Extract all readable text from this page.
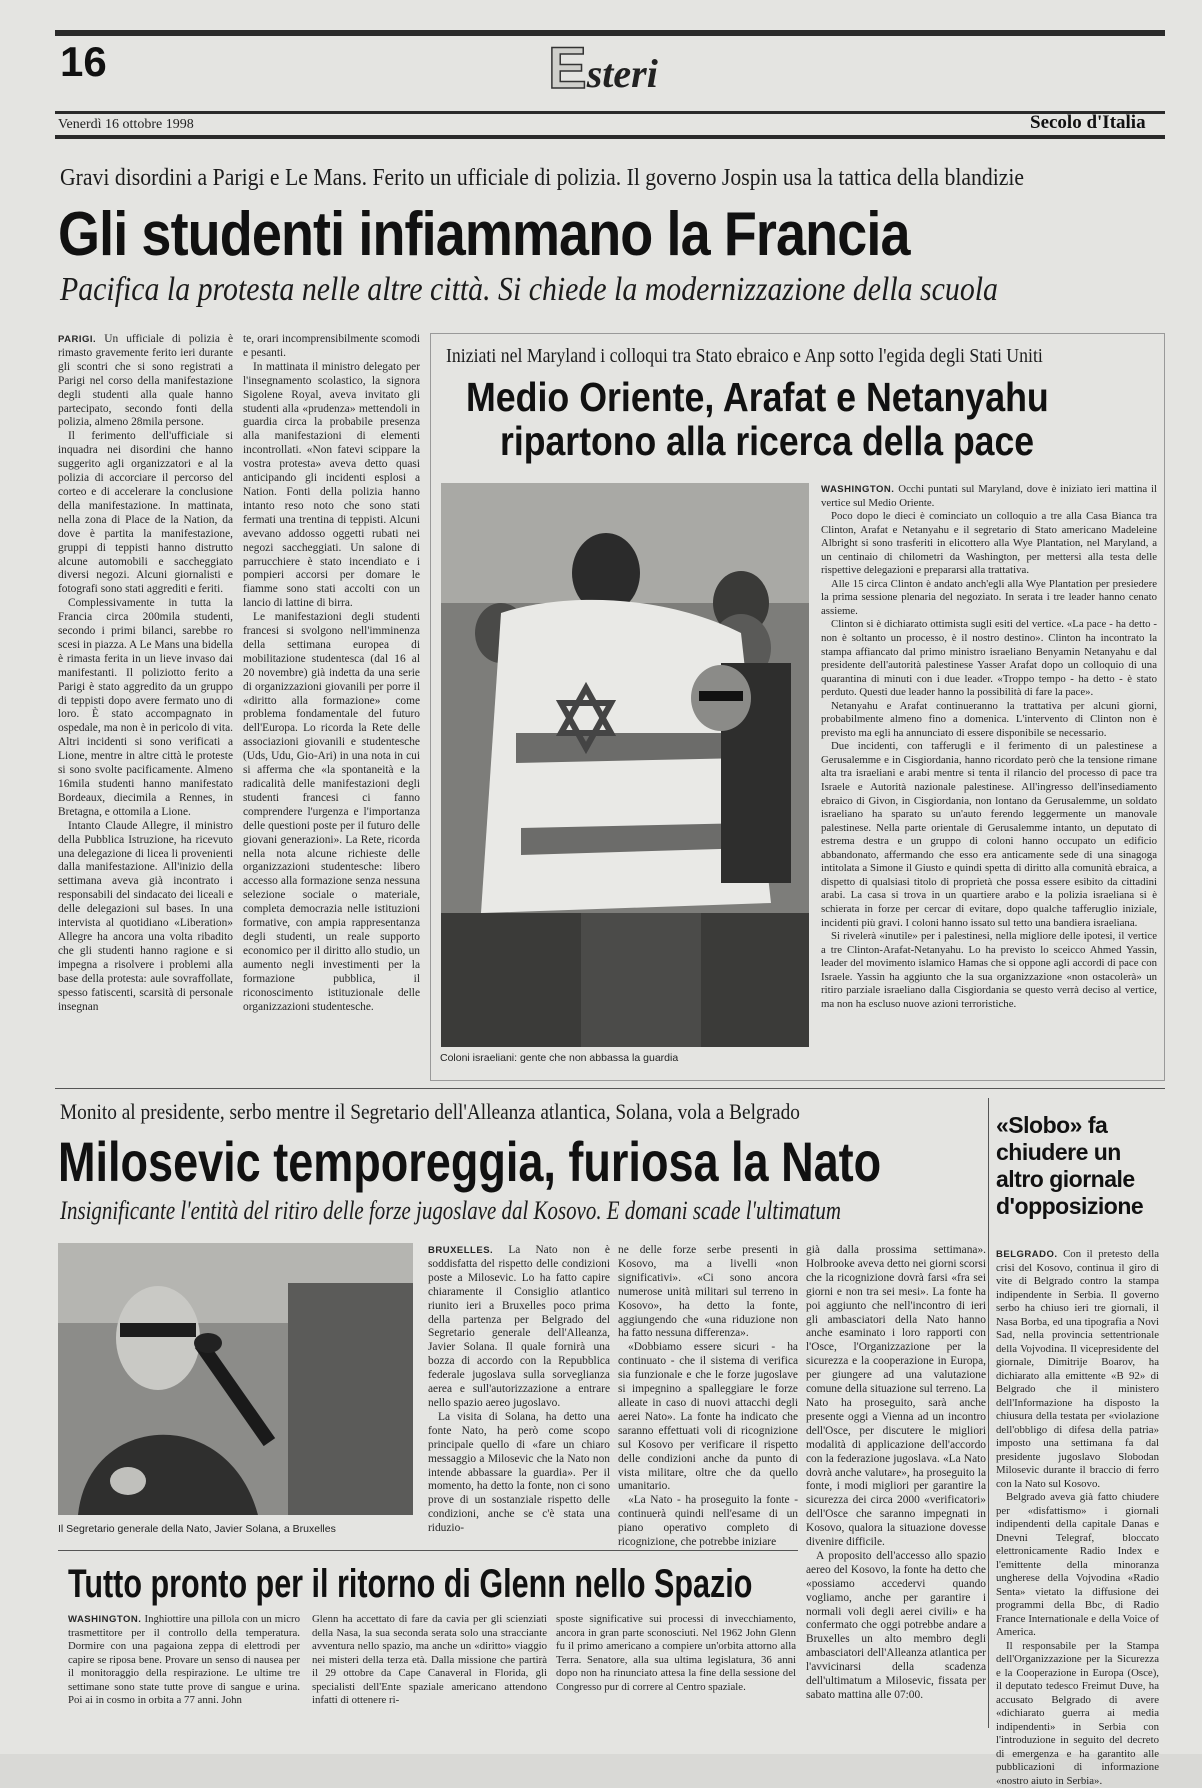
16	Esteri
Venerdì 16 ottobre 1998	Secolo d'Italia
Gravi disordini a Parigi e Le Mans. Ferito un ufficiale di polizia. Il governo Jospin usa la tattica della blandizie
Gli studenti infiammano la Francia
Pacifica la protesta nelle altre città. Si chiede la modernizzazione della scuola

PARIGI. Un ufficiale di polizia è rimasto gravemente ferito ieri durante gli scontri che si sono registrati a Parigi nel corso della manifestazione degli studenti alla quale hanno partecipato, secondo fonti della polizia, almeno 28mila persone.

Il ferimento dell'ufficiale si inquadra nei disordini che hanno suggerito agli organizzatori e al la polizia di accorciare il percorso del corteo e di accelerare la conclusione della manifestazione. In mattinata, nella zona di Place de la Nation, da dove è partita la manifestazione, gruppi di teppisti hanno distrutto alcune automobili e saccheggiato diversi negozi. Alcuni giornalisti e fotografi sono stati aggrediti e feriti.

Complessivamente in tutta la Francia circa 200mila studenti, secondo i primi bilanci, sarebbe ro scesi in piazza. A Le Mans una bidella è rimasta ferita in un lieve invaso dai manifestanti. Il poliziotto ferito a Parigi è stato aggredito da un gruppo di teppisti dopo avere fermato uno di loro. È stato accompagnato in ospedale, ma non è in pericolo di vita. Altri incidenti si sono verificati a Lione, mentre in altre città le proteste si sono svolte pacificamente. Almeno 16mila studenti hanno manifestato Bordeaux, diecimila a Rennes, in Bretagna, e ottomila a Lione.

Intanto Claude Allegre, il ministro della Pubblica Istruzione, ha ricevuto una delegazione di licea li provenienti dalla manifestazione. All'inizio della settimana aveva già incontrato i responsabili del sindacato dei liceali e delle delegazioni sul bases. In una intervista al quotidiano «Liberation» Allegre ha ancora una volta ribadito che gli studenti hanno ragione e si impegna a risolvere i problemi alla base della protesta: aule sovraffollate, spesso fatiscenti, scarsità di personale insegnan

te, orari incomprensibilmente scomodi e pesanti.

In mattinata il ministro delegato per l'insegnamento scolastico, la signora Sigolene Royal, aveva invitato gli studenti alla «prudenza» mettendoli in guardia circa la probabile presenza alla manifestazioni di elementi incontrollati. «Non fatevi scippare la vostra protesta» aveva detto quasi anticipando gli incidenti esplosi a Nation. Fonti della polizia hanno intanto reso noto che sono stati fermati una trentina di teppisti. Alcuni avevano addosso oggetti rubati nei negozi saccheggiati. Un salone di parrucchiere è stato incendiato e i pompieri accorsi per domare le fiamme sono stati accolti con un lancio di lattine di birra.

Le manifestazioni degli studenti francesi si svolgono nell'imminenza della settimana europea di mobilitazione studentesca (dal 16 al 20 novembre) già indetta da una serie di organizzazioni giovanili per porre il «diritto alla formazione» come problema fondamentale del futuro dell'Europa. Lo ricorda la Rete delle associazioni giovanili e studentesche (Uds, Udu, Gio-Ari) in una nota in cui si afferma che «la spontaneità e la radicalità delle manifestazioni degli studenti francesi ci fanno comprendere l'urgenza e l'importanza delle questioni poste per il futuro delle giovani generazioni». La Rete, ricorda nella nota alcune richieste delle organizzazioni studentesche: libero accesso alla formazione senza nessuna selezione sociale o materiale, completa democrazia nelle istituzioni formative, con ampia rappresentanza degli studenti, un reale supporto economico per il diritto allo studio, un aumento negli investimenti per la formazione pubblica, il riconoscimento istituzionale delle organizzazioni studentesche.

Iniziati nel Maryland i colloqui tra Stato ebraico e Anp sotto l'egida degli Stati Uniti
Medio Oriente, Arafat e Netanyahu
ripartono alla ricerca della pace
Coloni israeliani: gente che non abbassa la guardia

WASHINGTON. Occhi puntati sul Maryland, dove è iniziato ieri mattina il vertice sul Medio Oriente.

Poco dopo le dieci è cominciato un colloquio a tre alla Casa Bianca tra Clinton, Arafat e Netanyahu e il segretario di Stato americano Madeleine Albright si sono trasferiti in elicottero alla Wye Plantation, nel Maryland, a un centinaio di chilometri da Washington, per mettersi alla testa delle rispettive delegazioni e prepararsi alla trattativa.

Alle 15 circa Clinton è andato anch'egli alla Wye Plantation per presiedere la prima sessione plenaria del negoziato. In serata i tre leader hanno cenato assieme.

Clinton si è dichiarato ottimista sugli esiti del vertice. «La pace - ha detto - non è soltanto un processo, è il nostro destino». Clinton ha incontrato la stampa affiancato dal primo ministro israeliano Benyamin Netanyahu e dal presidente dell'autorità palestinese Yasser Arafat dopo un colloquio di una quarantina di minuti con i due leader. «Troppo tempo - ha detto - è stato perduto. Questi due leader hanno la possibilità di fare la pace».

Netanyahu e Arafat continueranno la trattativa per alcuni giorni, probabilmente almeno fino a domenica. L'intervento di Clinton non è previsto ma egli ha annunciato di essere disponibile se necessario.

Due incidenti, con tafferugli e il ferimento di un palestinese a Gerusalemme e in Cisgiordania, hanno ricordato però che la tensione rimane alta tra israeliani e arabi mentre si tenta il rilancio del processo di pace tra Israele e Autorità nazionale palestinese. All'ingresso dell'insediamento ebraico di Givon, in Cisgiordania, non lontano da Gerusalemme, un soldato israeliano ha sparato su un'auto ferendo leggermente un manovale palestinese. Nella parte orientale di Gerusalemme intanto, un deputato di estrema destra e un gruppo di coloni hanno occupato un edificio abbandonato, affermando che esso era anticamente sede di una sinagoga intitolata a Simone il Giusto e quindi spetta di diritto alla comunità ebraica, a dispetto di qualsiasi titolo di proprietà che possa essere esibito da cittadini arabi. La casa si trova in un quartiere arabo e la polizia israeliana si è schierata in forze per cercar di evitare, dopo qualche tafferuglio iniziale, incidenti più gravi. I coloni hanno issato sul tetto una bandiera israeliana.

Si rivelerà «inutile» per i palestinesi, nella migliore delle ipotesi, il vertice a tre Clinton-Arafat-Netanyahu. Lo ha previsto lo sceicco Ahmed Yassin, leader del movimento islamico Hamas che si oppone agli accordi di pace con Israele. Yassin ha aggiunto che la sua organizzazione «non ostacolerà» un ritiro parziale israeliano dalla Cisgiordania se questo verrà deciso al vertice, ma non ha escluso nuove azioni terroristiche.

Monito al presidente, serbo mentre il Segretario dell'Alleanza atlantica, Solana, vola a Belgrado
Milosevic temporeggia, furiosa la Nato
Insignificante l'entità del ritiro delle forze jugoslave dal Kosovo. E domani scade l'ultimatum
Il Segretario generale della Nato, Javier Solana, a Bruxelles

BRUXELLES. La Nato non è soddisfatta del rispetto delle condizioni poste a Milosevic. Lo ha fatto capire chiaramente il Consiglio atlantico riunito ieri a Bruxelles poco prima della partenza per Belgrado del Segretario generale dell'Alleanza, Javier Solana. Il quale fornirà una bozza di accordo con la Repubblica federale jugoslava sulla sorveglianza aerea e sull'autorizzazione a entrare nello spazio aereo jugoslavo.

La visita di Solana, ha detto una fonte Nato, ha però come scopo principale quello di «fare un chiaro messaggio a Milosevic che la Nato non intende abbassare la guardia». Per il momento, ha detto la fonte, non ci sono prove di un sostanziale rispetto delle condizioni, anche se c'è stata una riduzio-

ne delle forze serbe presenti in Kosovo, ma a livelli «non significativi». «Ci sono ancora numerose unità militari sul terreno in Kosovo», ha detto la fonte, aggiungendo che «una riduzione non ha fatto nessuna differenza».

«Dobbiamo essere sicuri - ha continuato - che il sistema di verifica sia funzionale e che le forze jugoslave si impegnino a spalleggiare le forze alleate in caso di nuovi attacchi degli aerei Nato». La fonte ha indicato che saranno effettuati voli di ricognizione sul Kosovo per verificare il rispetto delle condizioni anche da punto di vista militare, oltre che da quello umanitario.

«La Nato - ha proseguito la fonte - continuerà quindi nell'esame di un piano operativo completo di ricognizione, che potrebbe iniziare

già dalla prossima settimana». Holbrooke aveva detto nei giorni scorsi che la ricognizione dovrà farsi «fra sei giorni e non tra sei mesi». La fonte ha poi aggiunto che nell'incontro di ieri gli ambasciatori della Nato hanno anche esaminato i loro rapporti con l'Osce, l'Organizzazione per la sicurezza e la cooperazione in Europa, per giungere ad una valutazione comune della situazione sul terreno. La Nato ha proseguito, sarà anche presente oggi a Vienna ad un incontro dell'Osce, per discutere le migliori modalità di applicazione dell'accordo con la federazione jugoslava. «La Nato dovrà anche valutare», ha proseguito la fonte, i modi migliori per garantire la sicurezza dei circa 2000 «verificatori» dell'Osce che saranno impegnati in Kosovo, qualora la situazione dovesse divenire difficile.

A proposito dell'accesso allo spazio aereo del Kosovo, la fonte ha detto che «possiamo accedervi quando vogliamo, anche per garantire i normali voli degli aerei civili» e ha confermato che oggi potrebbe andare a Bruxelles un alto membro degli ambasciatori dell'Alleanza atlantica per l'avvicinarsi della scadenza dell'ultimatum a Milosevic, fissata per sabato mattina alle 07:00.

«Slobo» fa chiudere un altro giornale d'opposizione

BELGRADO. Con il pretesto della crisi del Kosovo, continua il giro di vite di Belgrado contro la stampa indipendente in Serbia. Il governo serbo ha chiuso ieri tre giornali, il Nasa Borba, ed una tipografia a Novi Sad, nella provincia settentrionale della Vojvodina. Il vicepresidente del giornale, Dimitrije Boarov, ha dichiarato alla emittente «B 92» di Belgrado che il ministero dell'Informazione ha disposto la chiusura della testata per «violazione dell'obbligo di difesa della patria» imposto una settimana fa dal presidente jugoslavo Slobodan Milosevic durante il braccio di ferro con la Nato sul Kosovo.

Belgrado aveva già fatto chiudere per «disfattismo» i giornali indipendenti della capitale Danas e Dnevni Telegraf, bloccato elettronicamente Radio Index e l'emittente della minoranza ungherese della Vojvodina «Radio Senta» vietato la diffusione dei programmi della Bbc, di Radio France Internationale e della Voice of America.

Il responsabile per la Stampa dell'Organizzazione per la Sicurezza e la Cooperazione in Europa (Osce), il deputato tedesco Freimut Duve, ha accusato Belgrado di avere «dichiarato guerra ai media indipendenti» in Serbia con l'introduzione in seguito del decreto di emergenza e ha garantito alle pubblicazioni di informazione «nostro aiuto in Serbia».

Tutto pronto per il ritorno di Glenn nello Spazio

WASHINGTON. Inghiottire una pillola con un micro trasmettitore per il controllo della temperatura. Dormire con una pagaiona zeppa di elettrodi per capire se riposa bene. Provare un senso di nausea per il monitoraggio della respirazione. Le ultime tre settimane sono state tutte prove di sangue e urina. Poi ai in cosmo in orbita a 77 anni. John

Glenn ha accettato di fare da cavia per gli scienziati della Nasa, la sua seconda serata solo una stracciante avventura nello spazio, ma anche un «diritto» viaggio nei misteri della terza età. Dalla missione che partirà il 29 ottobre da Cape Canaveral in Florida, gli specialisti dell'Ente spaziale americano attendono infatti di ottenere ri-

sposte significative sui processi di invecchiamento, ancora in gran parte sconosciuti. Nel 1962 John Glenn fu il primo americano a compiere un'orbita attorno alla Terra. Senatore, alla sua ultima legislatura, 36 anni dopo non ha rinunciato attesa la fine della sessione del Congresso pur di correre al Centro spaziale.
